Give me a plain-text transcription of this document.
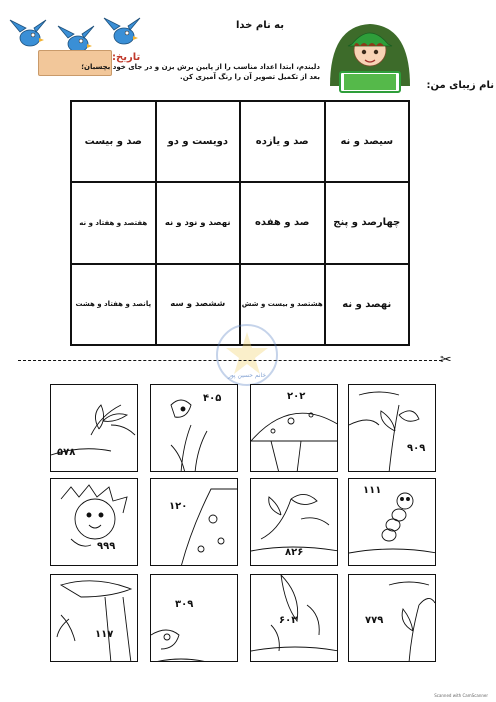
به نام خدا
تاریخ:
دلبندم، ابتدا اعداد مناسب را از پایین برش بزن و در جای خود بچسبان؛
بعد از تکمیل تصویر آن را رنگ آمیزی کن.
نام زیبای من:
سیصد و نه
صد و یازده
دویست و دو
صد و بیست
چهارصد و پنج
صد و هفده
نهصد و نود و نه
هفتصد و هفتاد و نه
نهصد و نه
هشتصد و بیست و شش
ششصد و سه
پانصد و هفتاد و هشت
خانم حسین پور
✂
۵۷۸
۴۰۵	۲۰۲
۹۰۹
۹۹۹
۱۲۰
۸۲۶
۱۱۱
۱۱۷
۳۰۹
۶۰۳	۷۷۹
Scanned with CamScanner
